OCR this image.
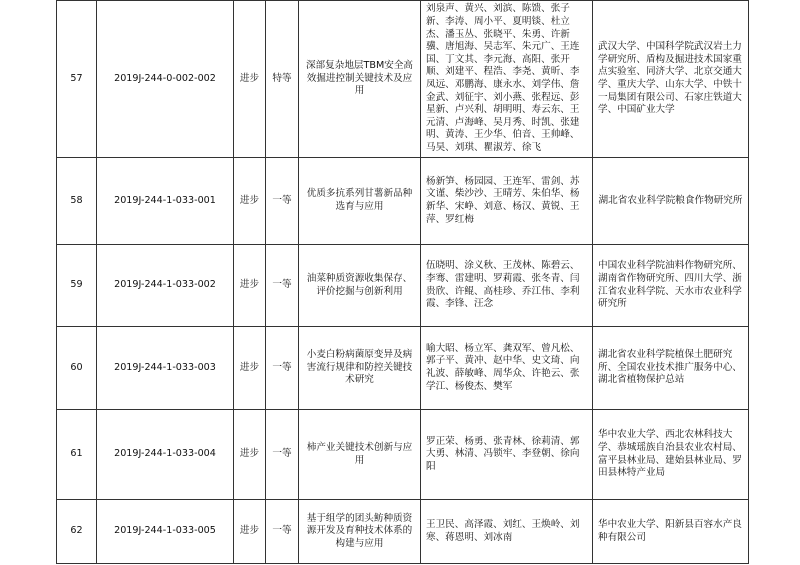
57	2019J-244-0-002-002	进步	特等	深部复杂地层TBM安全高效掘进控制关键技术及应用	刘泉声、黄兴、刘滨、陈馈、张子新、李涛、周小平、夏明锬、杜立杰、潘玉丛、张晓平、朱勇、许新骥、唐旭海、吴志军、朱元广、王连国、丁文其、李元海、高阳、张开顺、刘建平、程浩、李尧、黄昕、李凤远、邓鹏海、康永水、刘学伟、詹金武、刘征宇、刘小燕、张程远、彭星新、卢兴利、胡明明、寿云东、王元清、卢海峰、吴月秀、时凯、张建明、黄涛、王少华、伯音、王帅峰、马昊、刘琪、瞿淑芳、徐飞	武汉大学、中国科学院武汉岩土力学研究所、盾构及掘进技术国家重点实验室、同济大学、北京交通大学、重庆大学、山东大学、中铁十一局集团有限公司、石家庄铁道大学、中国矿业大学
58	2019J-244-1-033-001	进步	一等	优质多抗系列甘薯新品种选育与应用	杨新笋、杨园园、王连军、雷剑、苏文谨、柴沙沙、王晴芳、朱伯华、杨新华、宋峥、刘意、杨汉、黄锐、王萍、罗红梅	湖北省农业科学院粮食作物研究所
59	2019J-244-1-033-002	进步	一等	油菜种质资源收集保存、评价挖掘与创新利用	伍晓明、涂义秋、王茂林、陈碧云、李骞、雷建明、罗莉霞、张冬青、闫贵欣、许鲲、高桂珍、乔江伟、李利霞、李锋、汪念	中国农业科学院油料作物研究所、湖南省作物研究所、四川大学、浙江省农业科学院、天水市农业科学研究所
60	2019J-244-1-033-003	进步	一等	小麦白粉病菌原变异及病害流行规律和防控关键技术研究	喻大昭、杨立军、龚双军、曾凡松、郭子平、黄冲、赵中华、史文琦、向礼波、薛敏峰、周华众、许艳云、张学江、杨俊杰、樊军	湖北省农业科学院植保土肥研究所、全国农业技术推广服务中心、湖北省植物保护总站
61	2019J-244-1-033-004	进步	一等	柿产业关键技术创新与应用	罗正荣、杨勇、张青林、徐莉清、郭大勇、林清、冯锁牢、李登朝、徐向阳	华中农业大学、西北农林科技大学、恭城瑶族自治县农业农村局、富平县林业局、建始县林业局、罗田县林特产业局
62	2019J-244-1-033-005	进步	一等	基于组学的团头鲂种质资源开发及育种技术体系的构建与应用	王卫民、高泽霞、刘红、王焕岭、刘寒、蒋恩明、刘冰南	华中农业大学、阳新县百容水产良种有限公司
